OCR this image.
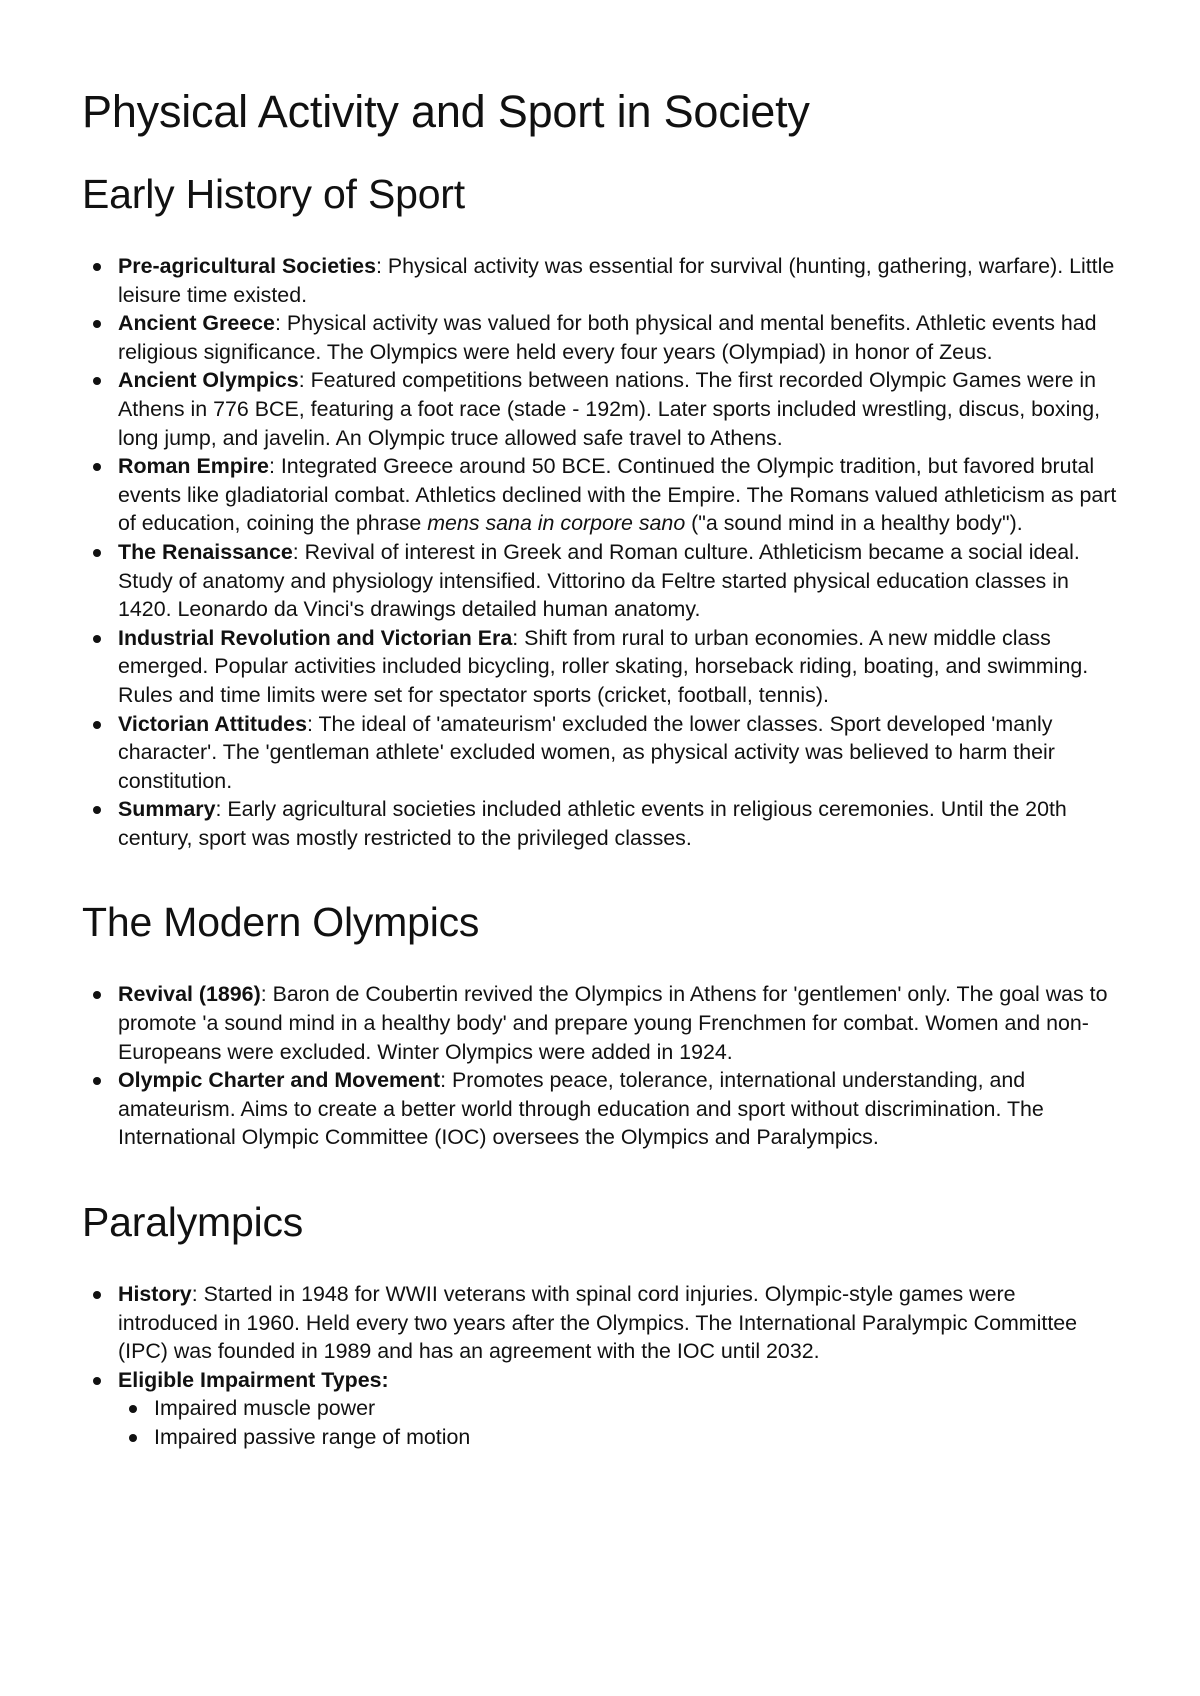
Physical Activity and Sport in Society
Early History of Sport
Pre-agricultural Societies: Physical activity was essential for survival (hunting, gathering, warfare). Little leisure time existed.
Ancient Greece: Physical activity was valued for both physical and mental benefits. Athletic events had religious significance. The Olympics were held every four years (Olympiad) in honor of Zeus.
Ancient Olympics: Featured competitions between nations. The first recorded Olympic Games were in Athens in 776 BCE, featuring a foot race (stade - 192m). Later sports included wrestling, discus, boxing, long jump, and javelin. An Olympic truce allowed safe travel to Athens.
Roman Empire: Integrated Greece around 50 BCE. Continued the Olympic tradition, but favored brutal events like gladiatorial combat. Athletics declined with the Empire. The Romans valued athleticism as part of education, coining the phrase mens sana in corpore sano ("a sound mind in a healthy body").
The Renaissance: Revival of interest in Greek and Roman culture. Athleticism became a social ideal. Study of anatomy and physiology intensified. Vittorino da Feltre started physical education classes in 1420. Leonardo da Vinci's drawings detailed human anatomy.
Industrial Revolution and Victorian Era: Shift from rural to urban economies. A new middle class emerged. Popular activities included bicycling, roller skating, horseback riding, boating, and swimming. Rules and time limits were set for spectator sports (cricket, football, tennis).
Victorian Attitudes: The ideal of 'amateurism' excluded the lower classes. Sport developed 'manly character'. The 'gentleman athlete' excluded women, as physical activity was believed to harm their constitution.
Summary: Early agricultural societies included athletic events in religious ceremonies. Until the 20th century, sport was mostly restricted to the privileged classes.
The Modern Olympics
Revival (1896): Baron de Coubertin revived the Olympics in Athens for 'gentlemen' only. The goal was to promote 'a sound mind in a healthy body' and prepare young Frenchmen for combat. Women and non-Europeans were excluded. Winter Olympics were added in 1924.
Olympic Charter and Movement: Promotes peace, tolerance, international understanding, and amateurism. Aims to create a better world through education and sport without discrimination. The International Olympic Committee (IOC) oversees the Olympics and Paralympics.
Paralympics
History: Started in 1948 for WWII veterans with spinal cord injuries. Olympic-style games were introduced in 1960. Held every two years after the Olympics. The International Paralympic Committee (IPC) was founded in 1989 and has an agreement with the IOC until 2032.
Eligible Impairment Types:
Impaired muscle power
Impaired passive range of motion
